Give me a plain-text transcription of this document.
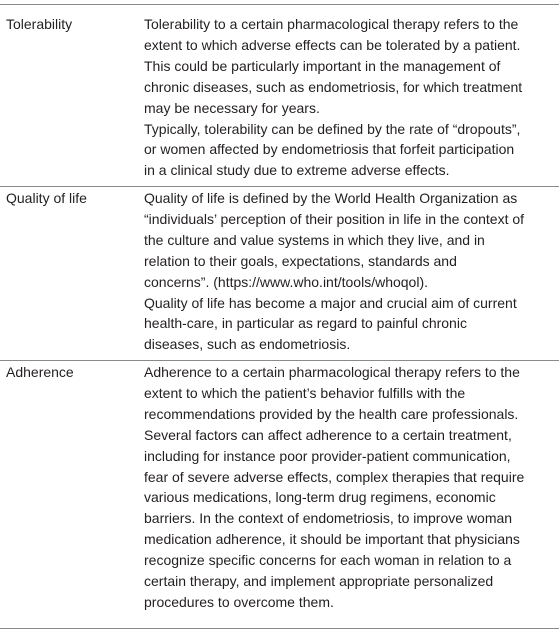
Tolerability	Tolerability to a certain pharmacological therapy refers to the
extent to which adverse effects can be tolerated by a patient.
This could be particularly important in the management of
chronic diseases, such as endometriosis, for which treatment
may be necessary for years.

Typically, tolerability can be defined by the rate of “dropouts”,
or women affected by endometriosis that forfeit participation
in a clinical study due to extreme adverse effects.

Quality of life	Quality of life is defined by the World Health Organization as
“individuals’ perception of their position in life in the context of
the culture and value systems in which they live, and in
relation to their goals, expectations, standards and
concerns”. (https://www.who.int/tools/whoqol).

Quality of life has become a major and crucial aim of current
health-care, in particular as regard to painful chronic
diseases, such as endometriosis.

Adherence	Adherence to a certain pharmacological therapy refers to the
extent to which the patient’s behavior fulfills with the
recommendations provided by the health care professionals.
Several factors can affect adherence to a certain treatment,
including for instance poor provider-patient communication,
fear of severe adverse effects, complex therapies that require
various medications, long-term drug regimens, economic
barriers. In the context of endometriosis, to improve woman
medication adherence, it should be important that physicians
recognize specific concerns for each woman in relation to a
certain therapy, and implement appropriate personalized
procedures to overcome them.
